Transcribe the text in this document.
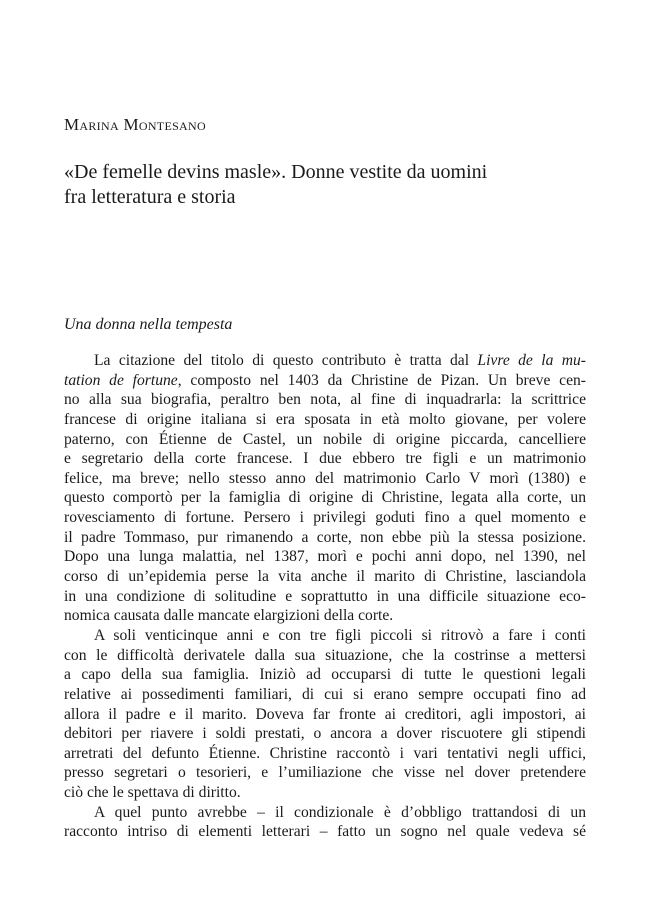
Marina Montesano
«De femelle devins masle». Donne vestite da uomini
fra letteratura e storia
Una donna nella tempesta
La citazione del titolo di questo contributo è tratta dal Livre de la mu-
tation de fortune, composto nel 1403 da Christine de Pizan. Un breve cen-
no alla sua biografia, peraltro ben nota, al fine di inquadrarla: la scrittrice
francese di origine italiana si era sposata in età molto giovane, per volere
paterno, con Étienne de Castel, un nobile di origine piccarda, cancelliere
e segretario della corte francese. I due ebbero tre figli e un matrimonio
felice, ma breve; nello stesso anno del matrimonio Carlo V morì (1380) e
questo comportò per la famiglia di origine di Christine, legata alla corte, un
rovesciamento di fortune. Persero i privilegi goduti fino a quel momento e
il padre Tommaso, pur rimanendo a corte, non ebbe più la stessa posizione.
Dopo una lunga malattia, nel 1387, morì e pochi anni dopo, nel 1390, nel
corso di un’epidemia perse la vita anche il marito di Christine, lasciandola
in una condizione di solitudine e soprattutto in una difficile situazione eco-
nomica causata dalle mancate elargizioni della corte.
A soli venticinque anni e con tre figli piccoli si ritrovò a fare i conti
con le difficoltà derivatele dalla sua situazione, che la costrinse a mettersi
a capo della sua famiglia. Iniziò ad occuparsi di tutte le questioni legali
relative ai possedimenti familiari, di cui si erano sempre occupati fino ad
allora il padre e il marito. Doveva far fronte ai creditori, agli impostori, ai
debitori per riavere i soldi prestati, o ancora a dover riscuotere gli stipendi
arretrati del defunto Étienne. Christine raccontò i vari tentativi negli uffici,
presso segretari o tesorieri, e l’umiliazione che visse nel dover pretendere
ciò che le spettava di diritto.
A quel punto avrebbe – il condizionale è d’obbligo trattandosi di un
racconto intriso di elementi letterari – fatto un sogno nel quale vedeva sé
